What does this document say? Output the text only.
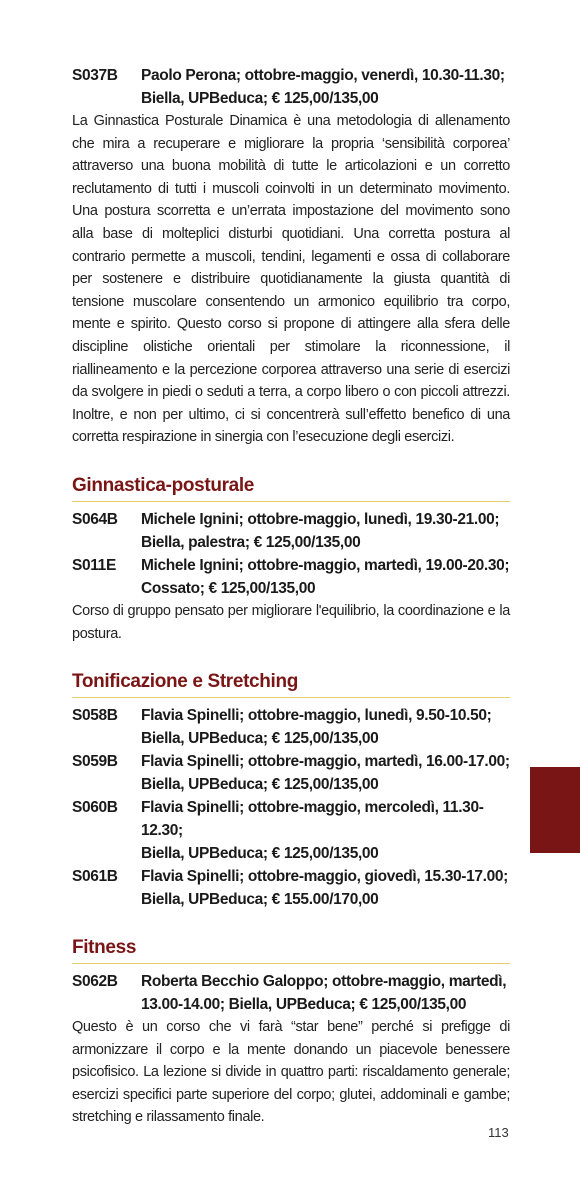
S037B	Paolo Perona; ottobre-maggio, venerdì, 10.30-11.30;
Biella, UPBeduca; € 125,00/135,00

La Ginnastica Posturale Dinamica è una metodologia di allenamento che mira a recuperare e migliorare la propria ‘sensibilità corporea’ attraverso una buona mobilità di tutte le articolazioni e un corretto reclutamento di tutti i muscoli coinvolti in un determinato movimento. Una postura scorretta e un’errata impostazione del movimento sono alla base di molteplici disturbi quotidiani. Una corretta postura al contrario permette a muscoli, tendini, legamenti e ossa di collaborare per sostenere e distribuire quotidianamente la giusta quantità di tensione muscolare consentendo un armonico equilibrio tra corpo, mente e spirito. Questo corso si propone di attingere alla sfera delle discipline olistiche orientali per stimolare la riconnessione, il riallineamento e la percezione corporea attraverso una serie di esercizi da svolgere in piedi o seduti a terra, a corpo libero o con piccoli attrezzi. Inoltre, e non per ultimo, ci si concentrerà sull’effetto benefico di una corretta respirazione in sinergia con l’esecuzione degli esercizi.

Ginnastica-posturale
S064B	Michele Ignini; ottobre-maggio, lunedì, 19.30-21.00;
Biella, palestra; € 125,00/135,00
S011E	Michele Ignini; ottobre-maggio, martedì, 19.00-20.30;
Cossato; € 125,00/135,00

Corso di gruppo pensato per migliorare l'equilibrio, la coordinazione e la postura.

Tonificazione e Stretching
S058B	Flavia Spinelli; ottobre-maggio, lunedì, 9.50-10.50;
Biella, UPBeduca; € 125,00/135,00
S059B	Flavia Spinelli; ottobre-maggio, martedì, 16.00-17.00;
Biella, UPBeduca; € 125,00/135,00
S060B	Flavia Spinelli; ottobre-maggio, mercoledì, 11.30-12.30;
Biella, UPBeduca; € 125,00/135,00
S061B	Flavia Spinelli; ottobre-maggio, giovedì, 15.30-17.00;
Biella, UPBeduca; € 155.00/170,00
Fitness
S062B	Roberta Becchio Galoppo; ottobre-maggio, martedì,
13.00-14.00; Biella, UPBeduca; € 125,00/135,00

Questo è un corso che vi farà “star bene” perché si prefigge di armonizzare il corpo e la mente donando un piacevole benessere psicofisico. La lezione si divide in quattro parti: riscaldamento generale; esercizi specifici parte superiore del corpo; glutei, addominali e gambe; stretching e rilassamento finale.

113
